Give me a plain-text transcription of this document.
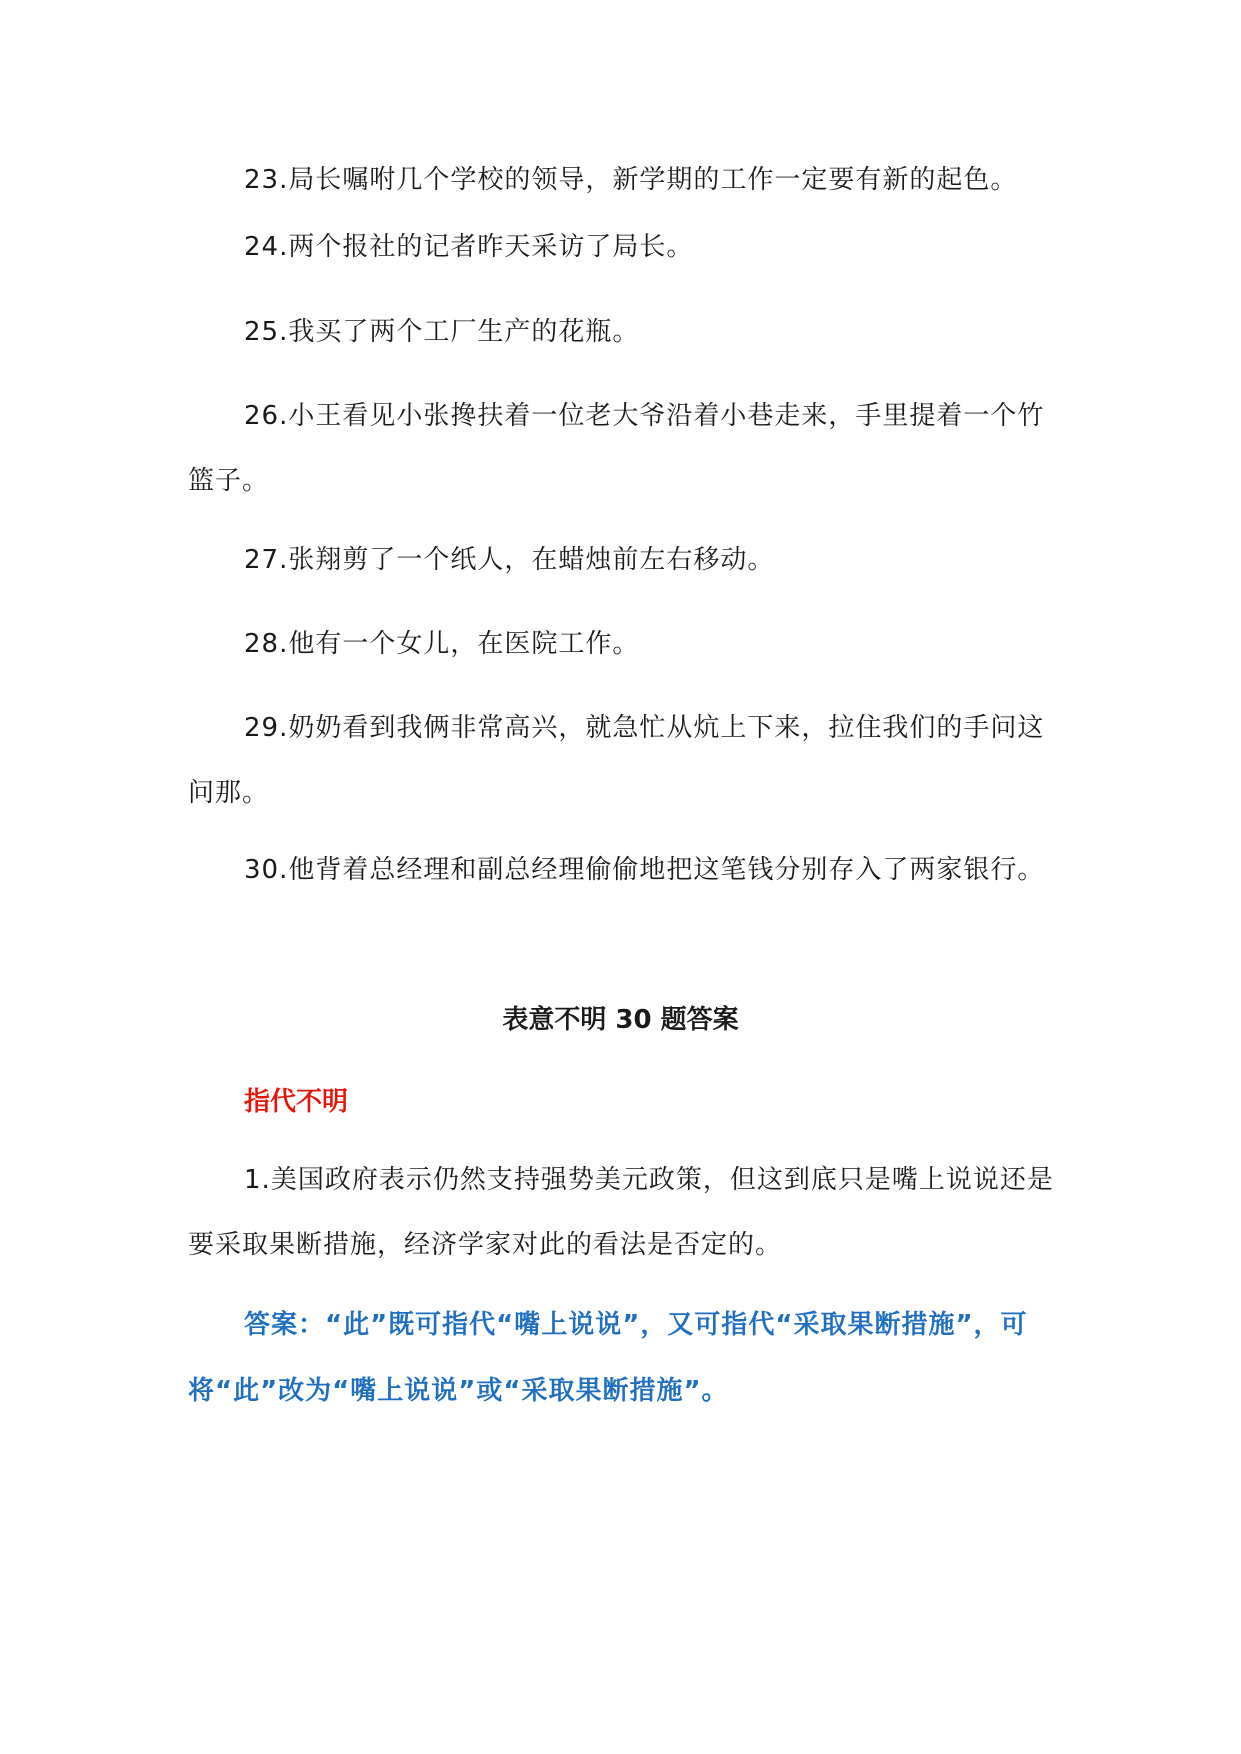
23.局长嘱咐几个学校的领导，新学期的工作一定要有新的起色。

24.两个报社的记者昨天采访了局长。

25.我买了两个工厂生产的花瓶。

26.小王看见小张搀扶着一位老大爷沿着小巷走来，手里提着一个竹篮子。

27.张翔剪了一个纸人，在蜡烛前左右移动。

28.他有一个女儿，在医院工作。

29.奶奶看到我俩非常高兴，就急忙从炕上下来，拉住我们的手问这问那。

30.他背着总经理和副总经理偷偷地把这笔钱分别存入了两家银行。

表意不明 30 题答案
指代不明

1.美国政府表示仍然支持强势美元政策，但这到底只是嘴上说说还是要采取果断措施，经济学家对此的看法是否定的。

答案：“此”既可指代“嘴上说说”，又可指代“采取果断措施”，可将“此”改为“嘴上说说”或“采取果断措施”。
